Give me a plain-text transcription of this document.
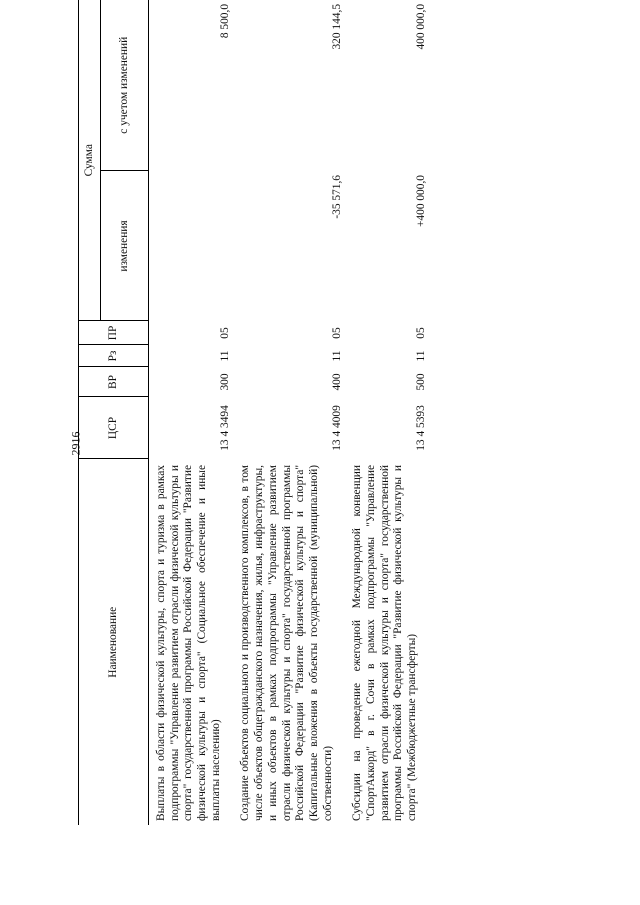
2916
Наименование	ЦСР	ВР	Рз	ПР	Сумма	
					изменения	с учетом изменений
Выплаты в области физической культуры, спорта и туризма в рамках подпрограммы "Управление развитием отрасли физической культуры и спорта" государственной программы Российской Федерации "Развитие физической культуры и спорта" (Социальное обеспечение и иные выплаты населению)	13 4 3494	300	11	05		8 500,0
Создание объектов социального и производственного комплексов, в том числе объектов общегражданского назначения, жилья, инфраструктуры, и иных объектов в рамках подпрограммы "Управление развитием отрасли физической культуры и спорта" государственной программы Российской Федерации "Развитие физической культуры и спорта" (Капитальные вложения в объекты государственной (муниципальной) собственности)	13 4 4009	400	11	05	-35 571,6	320 144,5
Субсидии на проведение ежегодной Международной конвенции "СпортАккорд" в г. Сочи в рамках подпрограммы "Управление развитием отрасли физической культуры и спорта" государственной программы Российской Федерации "Развитие физической культуры и спорта" (Межбюджетные трансферты)	13 4 5393	500	11	05	+400 000,0	400 000,0
